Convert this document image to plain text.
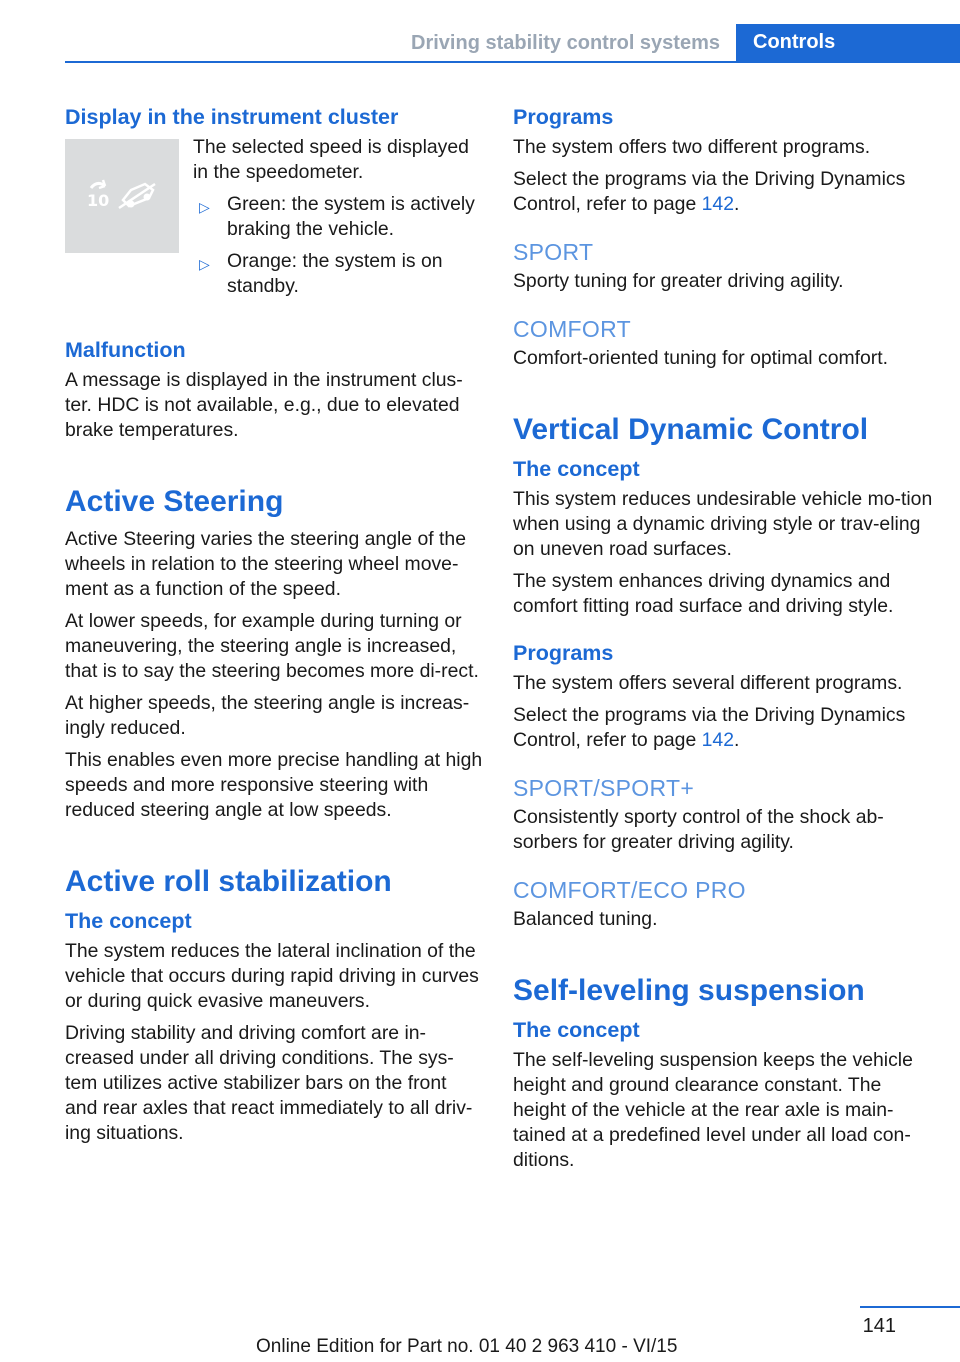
Driving stability control systems Controls
Display in the instrument cluster
10

The selected speed is displayed in the speedometer.

▷ Green: the system is actively braking the vehicle.
▷ Orange: the system is on standby.
Malfunction

A message is displayed in the instrument clus-ter. HDC is not available, e.g., due to elevated brake temperatures.

Active Steering

Active Steering varies the steering angle of the wheels in relation to the steering wheel move-ment as a function of the speed.

At lower speeds, for example during turning or maneuvering, the steering angle is increased, that is to say the steering becomes more di-rect.

At higher speeds, the steering angle is increas-ingly reduced.

This enables even more precise handling at high speeds and more responsive steering with reduced steering angle at low speeds.

Active roll stabilization
The concept

The system reduces the lateral inclination of the vehicle that occurs during rapid driving in curves or during quick evasive maneuvers.

Driving stability and driving comfort are in-creased under all driving conditions. The sys-tem utilizes active stabilizer bars on the front and rear axles that react immediately to all driv-ing situations.

Programs

The system offers two different programs.

Select the programs via the Driving Dynamics Control, refer to page 142.

SPORT

Sporty tuning for greater driving agility.

COMFORT

Comfort-oriented tuning for optimal comfort.

Vertical Dynamic Control
The concept

This system reduces undesirable vehicle mo-tion when using a dynamic driving style or trav-eling on uneven road surfaces.

The system enhances driving dynamics and comfort fitting road surface and driving style.

Programs

The system offers several different programs.

Select the programs via the Driving Dynamics Control, refer to page 142.

SPORT/SPORT+

Consistently sporty control of the shock ab-sorbers for greater driving agility.

COMFORT/ECO PRO

Balanced tuning.

Self-leveling suspension
The concept

The self-leveling suspension keeps the vehicle height and ground clearance constant. The height of the vehicle at the rear axle is main-tained at a predefined level under all load con-ditions.

141
Online Edition for Part no. 01 40 2 963 410 - VI/15
